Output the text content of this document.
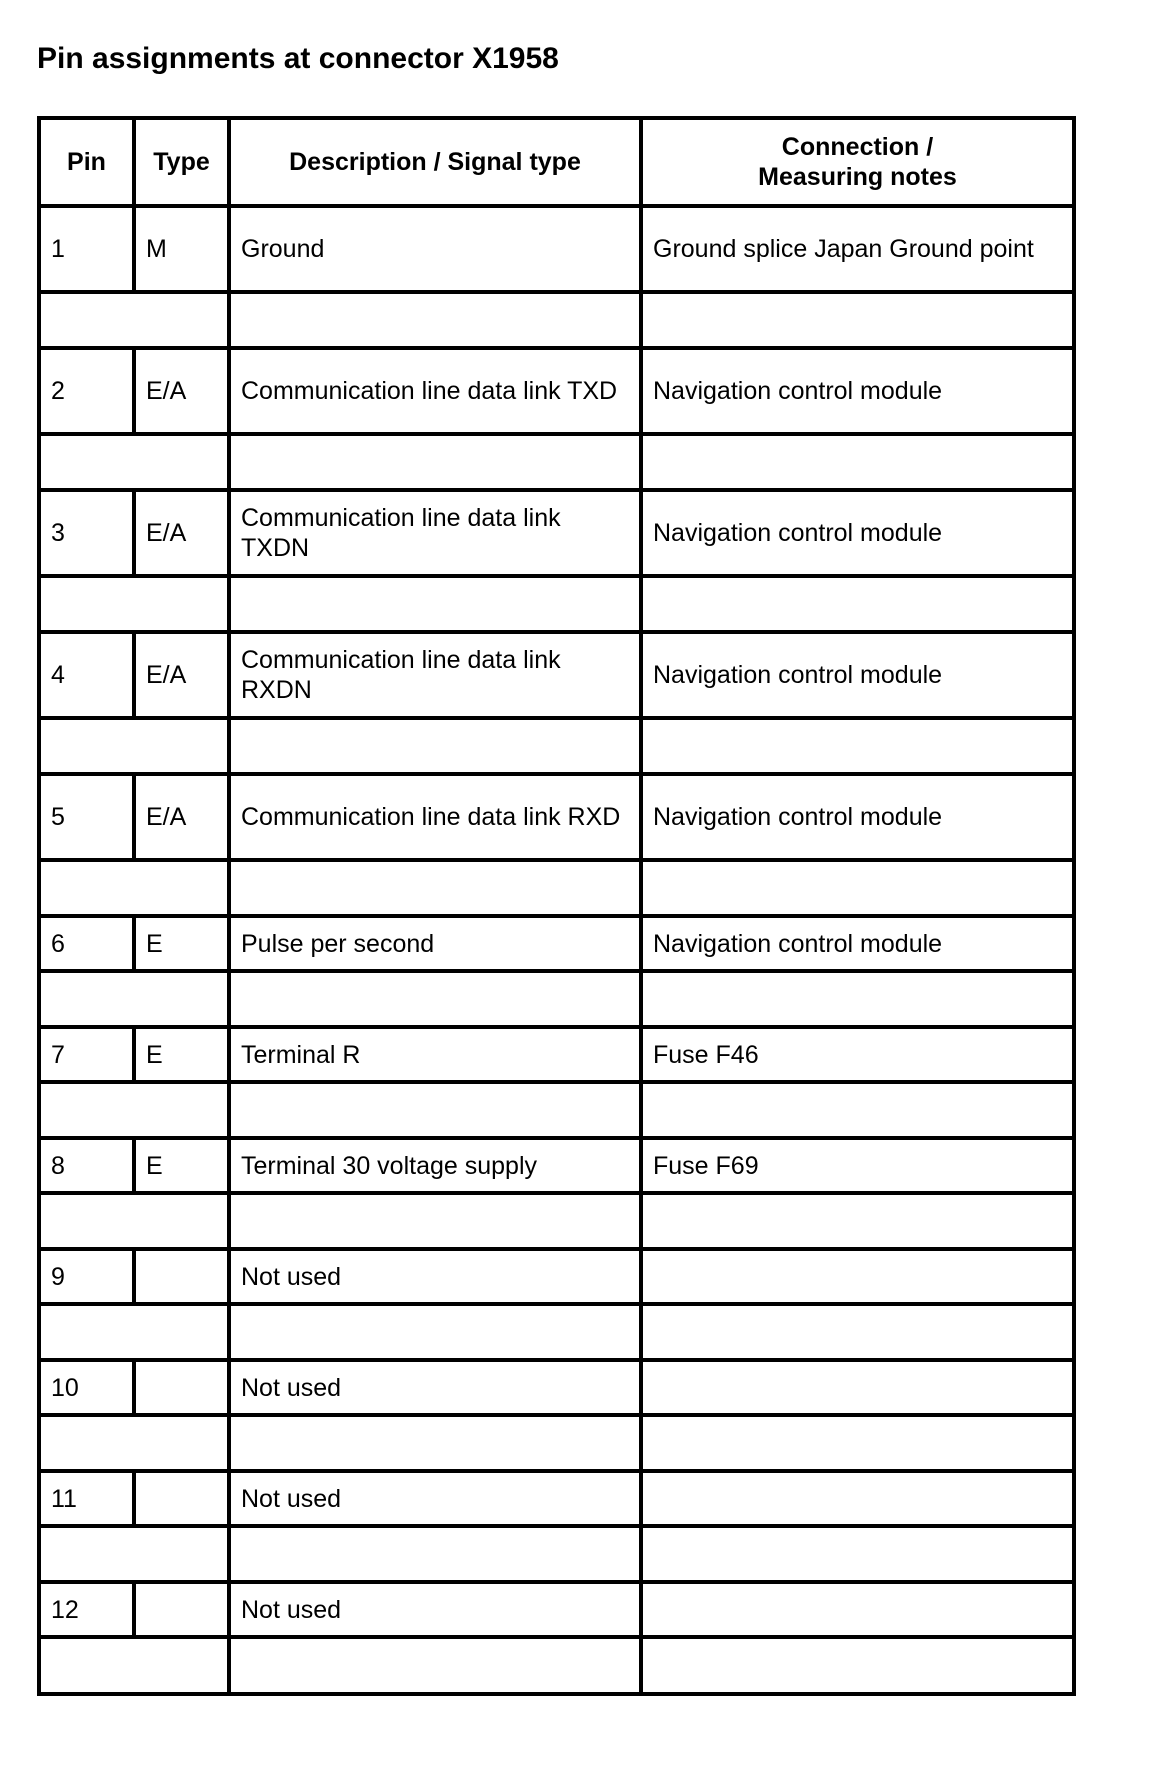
Pin assignments at connector X1958
Pin	Type	Description / Signal type	Connection /
Measuring notes

1	M	Ground	Ground splice Japan Ground point

2	E/A	Communication line data link TXD	Navigation control module

3	E/A	Communication line data link TXDN	Navigation control module

4	E/A	Communication line data link RXDN	Navigation control module

5	E/A	Communication line data link RXD	Navigation control module

6	E	Pulse per second	Navigation control module

7	E	Terminal R	Fuse F46

8	E	Terminal 30 voltage supply	Fuse F69

9		Not used	

10		Not used	

11		Not used	

12		Not used	
